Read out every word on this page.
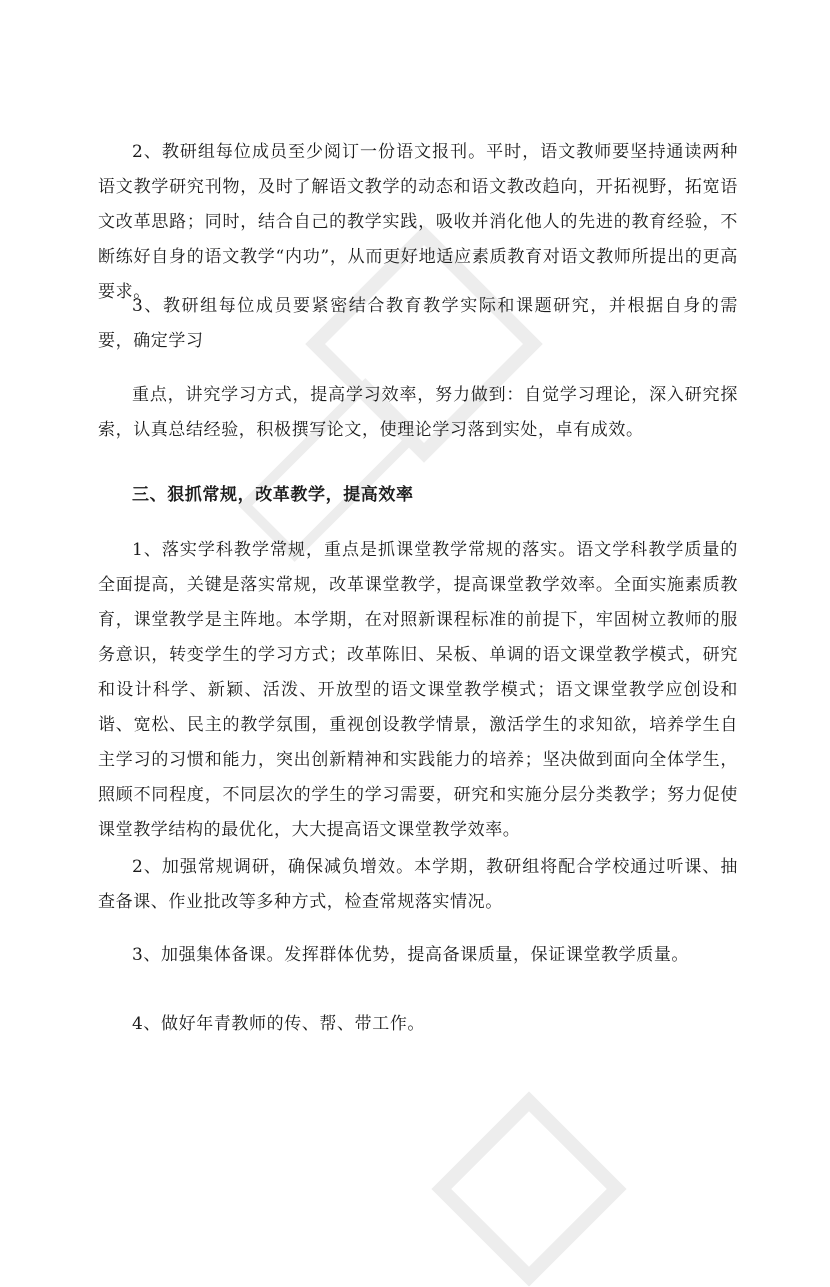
2、教研组每位成员至少阅订一份语文报刊。平时，语文教师要坚持通读两种语文教学研究刊物，及时了解语文教学的动态和语文教改趋向，开拓视野，拓宽语文改革思路；同时，结合自己的教学实践，吸收并消化他人的先进的教育经验，不断练好自身的语文教学“内功”，从而更好地适应素质教育对语文教师所提出的更高要求。

3、教研组每位成员要紧密结合教育教学实际和课题研究，并根据自身的需要，确定学习

重点，讲究学习方式，提高学习效率，努力做到：自觉学习理论，深入研究探索，认真总结经验，积极撰写论文，使理论学习落到实处，卓有成效。

三、狠抓常规，改革教学，提高效率

1、落实学科教学常规，重点是抓课堂教学常规的落实。语文学科教学质量的全面提高，关键是落实常规，改革课堂教学，提高课堂教学效率。全面实施素质教育，课堂教学是主阵地。本学期，在对照新课程标准的前提下，牢固树立教师的服务意识，转变学生的学习方式；改革陈旧、呆板、单调的语文课堂教学模式，研究和设计科学、新颖、活泼、开放型的语文课堂教学模式；语文课堂教学应创设和谐、宽松、民主的教学氛围，重视创设教学情景，激活学生的求知欲，培养学生自主学习的习惯和能力，突出创新精神和实践能力的培养；坚决做到面向全体学生，照顾不同程度，不同层次的学生的学习需要，研究和实施分层分类教学；努力促使课堂教学结构的最优化，大大提高语文课堂教学效率。

2、加强常规调研，确保减负增效。本学期，教研组将配合学校通过听课、抽查备课、作业批改等多种方式，检查常规落实情况。

3、加强集体备课。发挥群体优势，提高备课质量，保证课堂教学质量。

4、做好年青教师的传、帮、带工作。
